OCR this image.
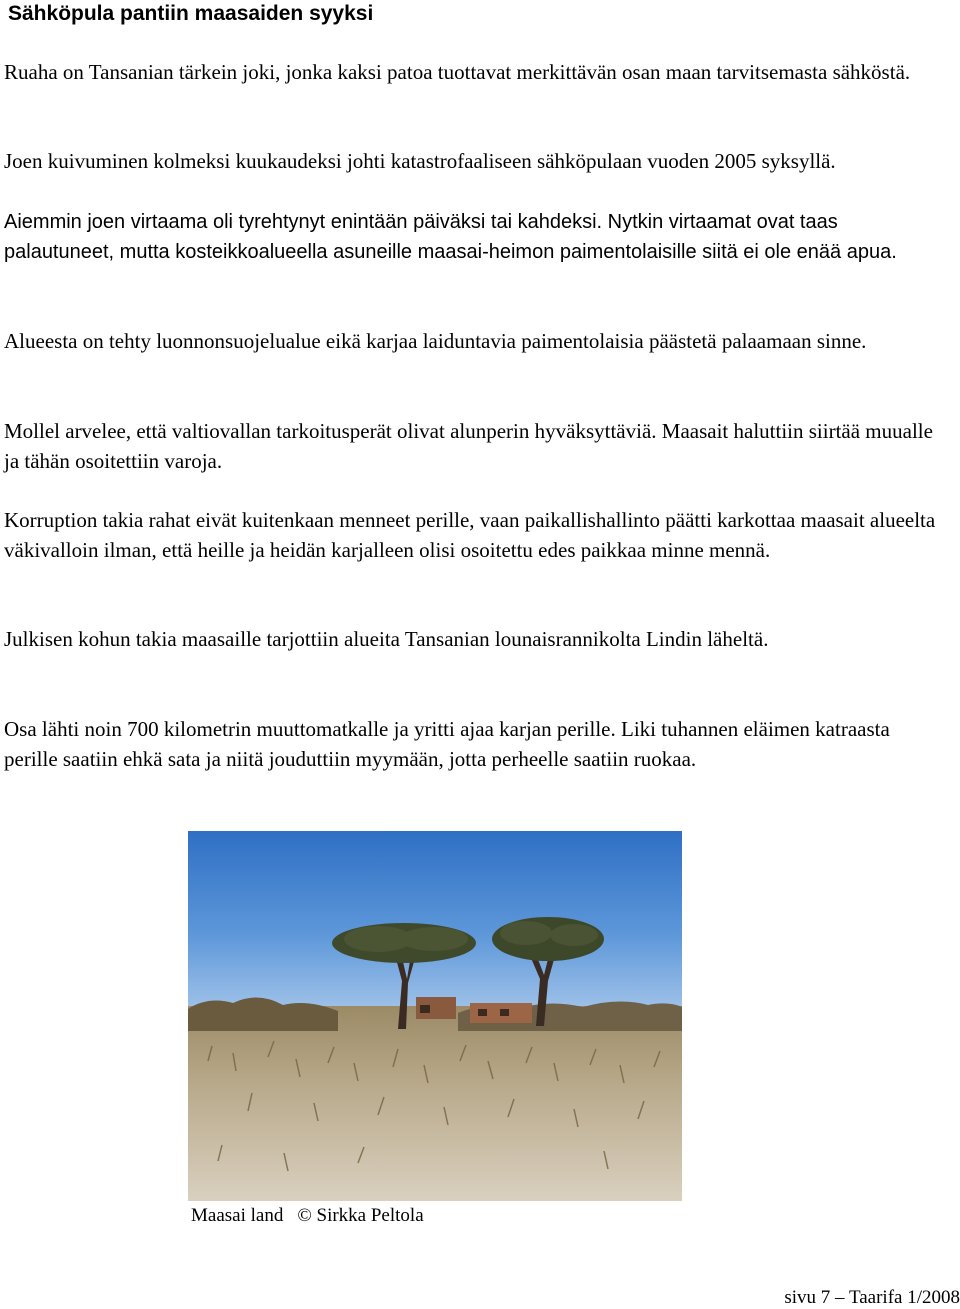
Sähköpula pantiin maasaiden syyksi

Ruaha on Tansanian tärkein joki, jonka kaksi patoa tuottavat merkittävän osan maan tarvitsemasta sähköstä.

Joen kuivuminen kolmeksi kuukaudeksi johti katastrofaaliseen sähköpulaan vuoden 2005 syksyllä.

Aiemmin joen virtaama oli tyrehtynyt enintään päiväksi tai kahdeksi. Nytkin virtaamat ovat taas palautuneet, mutta kosteikkoalueella asuneille maasai-heimon paimentolaisille siitä ei ole enää apua.

Alueesta on tehty luonnonsuojelualue eikä karjaa laiduntavia paimentolaisia päästetä palaamaan sinne.

Mollel arvelee, että valtiovallan tarkoitusperät olivat alunperin hyväksyttäviä. Maasait haluttiin siirtää muualle ja tähän osoitettiin varoja.

Korruption takia rahat eivät kuitenkaan menneet perille, vaan paikallishallinto päätti karkottaa maasait alueelta väkivalloin ilman, että heille ja heidän karjalleen olisi osoitettu edes paikkaa minne mennä.

Julkisen kohun takia maasaille tarjottiin alueita Tansanian lounaisrannikolta Lindin läheltä.

Osa lähti noin 700 kilometrin muuttomatkalle ja yritti ajaa karjan perille. Liki tuhannen eläimen katraasta perille saatiin ehkä sata ja niitä jouduttiin myymään, jotta perheelle saatiin ruokaa.

Maasai land © Sirkka Peltola

sivu 7 – Taarifa 1/2008
